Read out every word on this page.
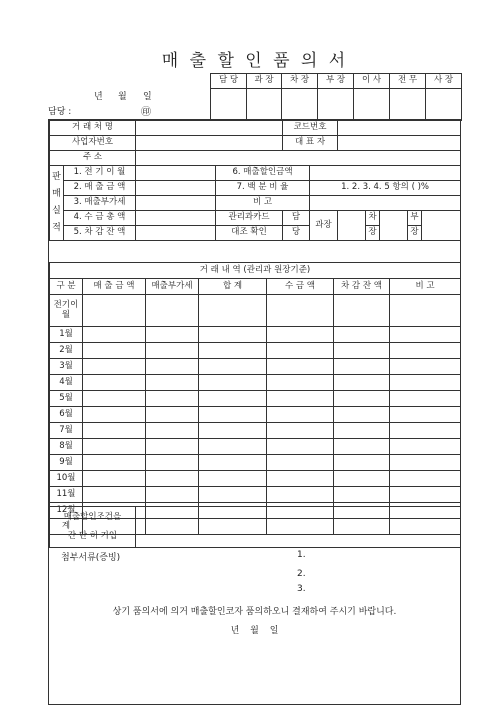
매 출 할 인 품 의 서
담 당	과 장	차 장	부 장	이 사	전 무	사 장

년 월 일
담당 :	㊞
거 래 처 명				코드번호						
사업자번호				대 표 자						
주 소										
판
매
실
적	1. 전 기 이 월		6. 매출할인금액							
	2. 매 출 금 액		7. 백 분 비 율		1. 2. 3. 4. 5 항의 ( )%					
	3. 매출부가세		비 고							
	4. 수 금 총 액		관리과카드	담	과장		차		부	
	5. 차 감 잔 액		대조 확인	당			장		장	
거 래 내 역 (관리과 원장기준)						
구 분	매 출 금 액	매출부가세	합 계	수 금 액	차 감 잔 액	비 고
전기이월						
1월						
2월						
3월						
4월						
5월						
6월						
7월						
8월						
9월						
10월						
11월						
12월						
계						
매출할인조건을

간 단 히 기입	
첨부서류(증빙)	1.
2.
3.
상기 품의서에 의거 매출할인코자 품의하오니 결재하여 주시기 바랍니다.
년 월 일
